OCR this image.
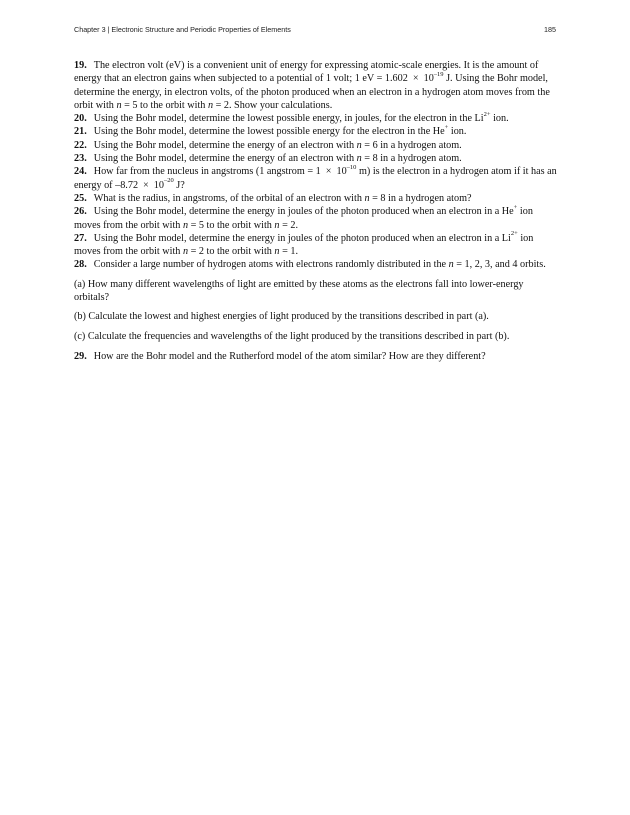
Chapter 3 | Electronic Structure and Periodic Properties of Elements	185

19. The electron volt (eV) is a convenient unit of energy for expressing atomic-scale energies. It is the amount of energy that an electron gains when subjected to a potential of 1 volt; 1 eV = $1.602 \times 10^{-19}$ J. Using the Bohr model, determine the energy, in electron volts, of the photon produced when an electron in a hydrogen atom moves from the orbit with n = 5 to the orbit with n = 2. Show your calculations.

20. Using the Bohr model, determine the lowest possible energy, in joules, for the electron in the $Li^{2+}$ ion.

21. Using the Bohr model, determine the lowest possible energy for the electron in the He+ ion.

22. Using the Bohr model, determine the energy of an electron with n = 6 in a hydrogen atom.

23. Using the Bohr model, determine the energy of an electron with n = 8 in a hydrogen atom.

24. How far from the nucleus in angstroms (1 angstrom = $1 \times 10^{-10}$ m) is the electron in a hydrogen atom if it has an energy of $-8.72 \times 10^{-20}$ J?

25. What is the radius, in angstroms, of the orbital of an electron with n = 8 in a hydrogen atom?

26. Using the Bohr model, determine the energy in joules of the photon produced when an electron in a He+ ion moves from the orbit with n = 5 to the orbit with n = 2.

27. Using the Bohr model, determine the energy in joules of the photon produced when an electron in a $Li^{2+}$ ion moves from the orbit with n = 2 to the orbit with n = 1.

28. Consider a large number of hydrogen atoms with electrons randomly distributed in the n = 1, 2, 3, and 4 orbits.

(a) How many different wavelengths of light are emitted by these atoms as the electrons fall into lower-energy orbitals?

(b) Calculate the lowest and highest energies of light produced by the transitions described in part (a).

(c) Calculate the frequencies and wavelengths of the light produced by the transitions described in part (b).

29. How are the Bohr model and the Rutherford model of the atom similar? How are they different?
